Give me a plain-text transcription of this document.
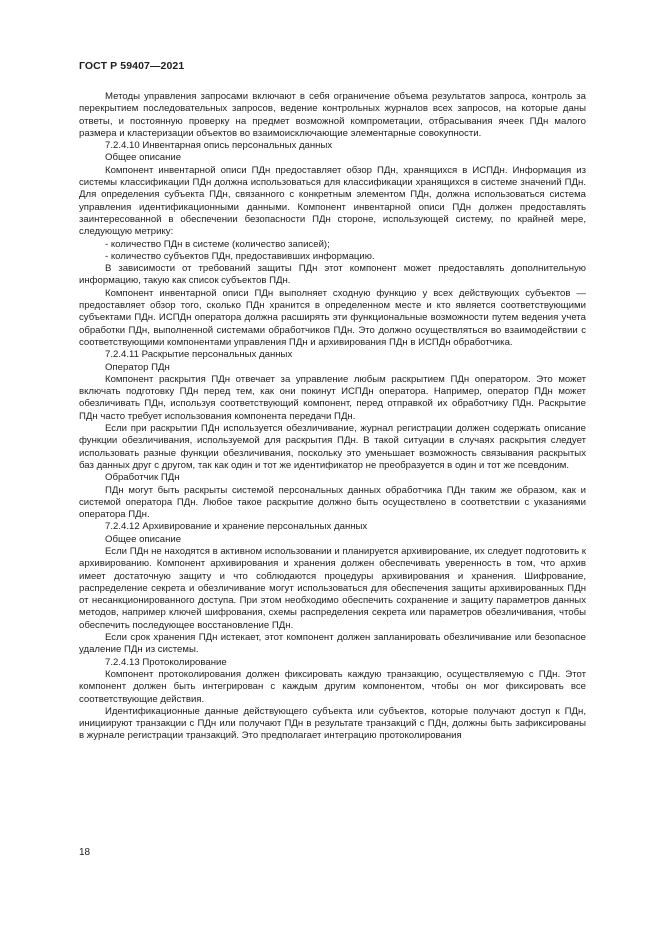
ГОСТ Р 59407—2021

Методы управления запросами включают в себя ограничение объема результатов запроса, контроль за перекрытием последовательных запросов, ведение контрольных журналов всех запросов, на которые даны ответы, и постоянную проверку на предмет возможной компрометации, отбрасывания ячеек ПДн малого размера и кластеризации объектов во взаимоисключающие элементарные совокупности.

7.2.4.10 Инвентарная опись персональных данных

Общее описание

Компонент инвентарной описи ПДн предоставляет обзор ПДн, хранящихся в ИСПДн. Информация из системы классификации ПДн должна использоваться для классификации хранящихся в системе значений ПДн. Для определения субъекта ПДн, связанного с конкретным элементом ПДн, должна использоваться система управления идентификационными данными. Компонент инвентарной описи ПДн должен предоставлять заинтересованной в обеспечении безопасности ПДн стороне, использующей систему, по крайней мере, следующую метрику:

- количество ПДн в системе (количество записей);

- количество субъектов ПДн, предоставивших информацию.

В зависимости от требований защиты ПДн этот компонент может предоставлять дополнительную информацию, такую как список субъектов ПДн.

Компонент инвентарной описи ПДн выполняет сходную функцию у всех действующих субъектов — предоставляет обзор того, сколько ПДн хранится в определенном месте и кто является соответствующими субъектами ПДн. ИСПДн оператора должна расширять эти функциональные возможности путем ведения учета обработки ПДн, выполненной системами обработчиков ПДн. Это должно осуществляться во взаимодействии с соответствующими компонентами управления ПДн и архивирования ПДн в ИСПДн обработчика.

7.2.4.11 Раскрытие персональных данных

Оператор ПДн

Компонент раскрытия ПДн отвечает за управление любым раскрытием ПДн оператором. Это может включать подготовку ПДн перед тем, как они покинут ИСПДн оператора. Например, оператор ПДн может обезличивать ПДн, используя соответствующий компонент, перед отправкой их обработчику ПДн. Раскрытие ПДн часто требует использования компонента передачи ПДн.

Если при раскрытии ПДн используется обезличивание, журнал регистрации должен содержать описание функции обезличивания, используемой для раскрытия ПДн. В такой ситуации в случаях раскрытия следует использовать разные функции обезличивания, поскольку это уменьшает возможность связывания раскрытых баз данных друг с другом, так как один и тот же идентификатор не преобразуется в один и тот же псевдоним.

Обработчик ПДн

ПДн могут быть раскрыты системой персональных данных обработчика ПДн таким же образом, как и системой оператора ПДн. Любое такое раскрытие должно быть осуществлено в соответствии с указаниями оператора ПДн.

7.2.4.12 Архивирование и хранение персональных данных

Общее описание

Если ПДн не находятся в активном использовании и планируется архивирование, их следует подготовить к архивированию. Компонент архивирования и хранения должен обеспечивать уверенность в том, что архив имеет достаточную защиту и что соблюдаются процедуры архивирования и хранения. Шифрование, распределение секрета и обезличивание могут использоваться для обеспечения защиты архивированных ПДн от несанкционированного доступа. При этом необходимо обеспечить сохранение и защиту параметров данных методов, например ключей шифрования, схемы распределения секрета или параметров обезличивания, чтобы обеспечить последующее восстановление ПДн.

Если срок хранения ПДн истекает, этот компонент должен запланировать обезличивание или безопасное удаление ПДн из системы.

7.2.4.13 Протоколирование

Компонент протоколирования должен фиксировать каждую транзакцию, осуществляемую с ПДн. Этот компонент должен быть интегрирован с каждым другим компонентом, чтобы он мог фиксировать все соответствующие действия.

Идентификационные данные действующего субъекта или субъектов, которые получают доступ к ПДн, инициируют транзакции с ПДн или получают ПДн в результате транзакций с ПДн, должны быть зафиксированы в журнале регистрации транзакций. Это предполагает интеграцию протоколирования

18
